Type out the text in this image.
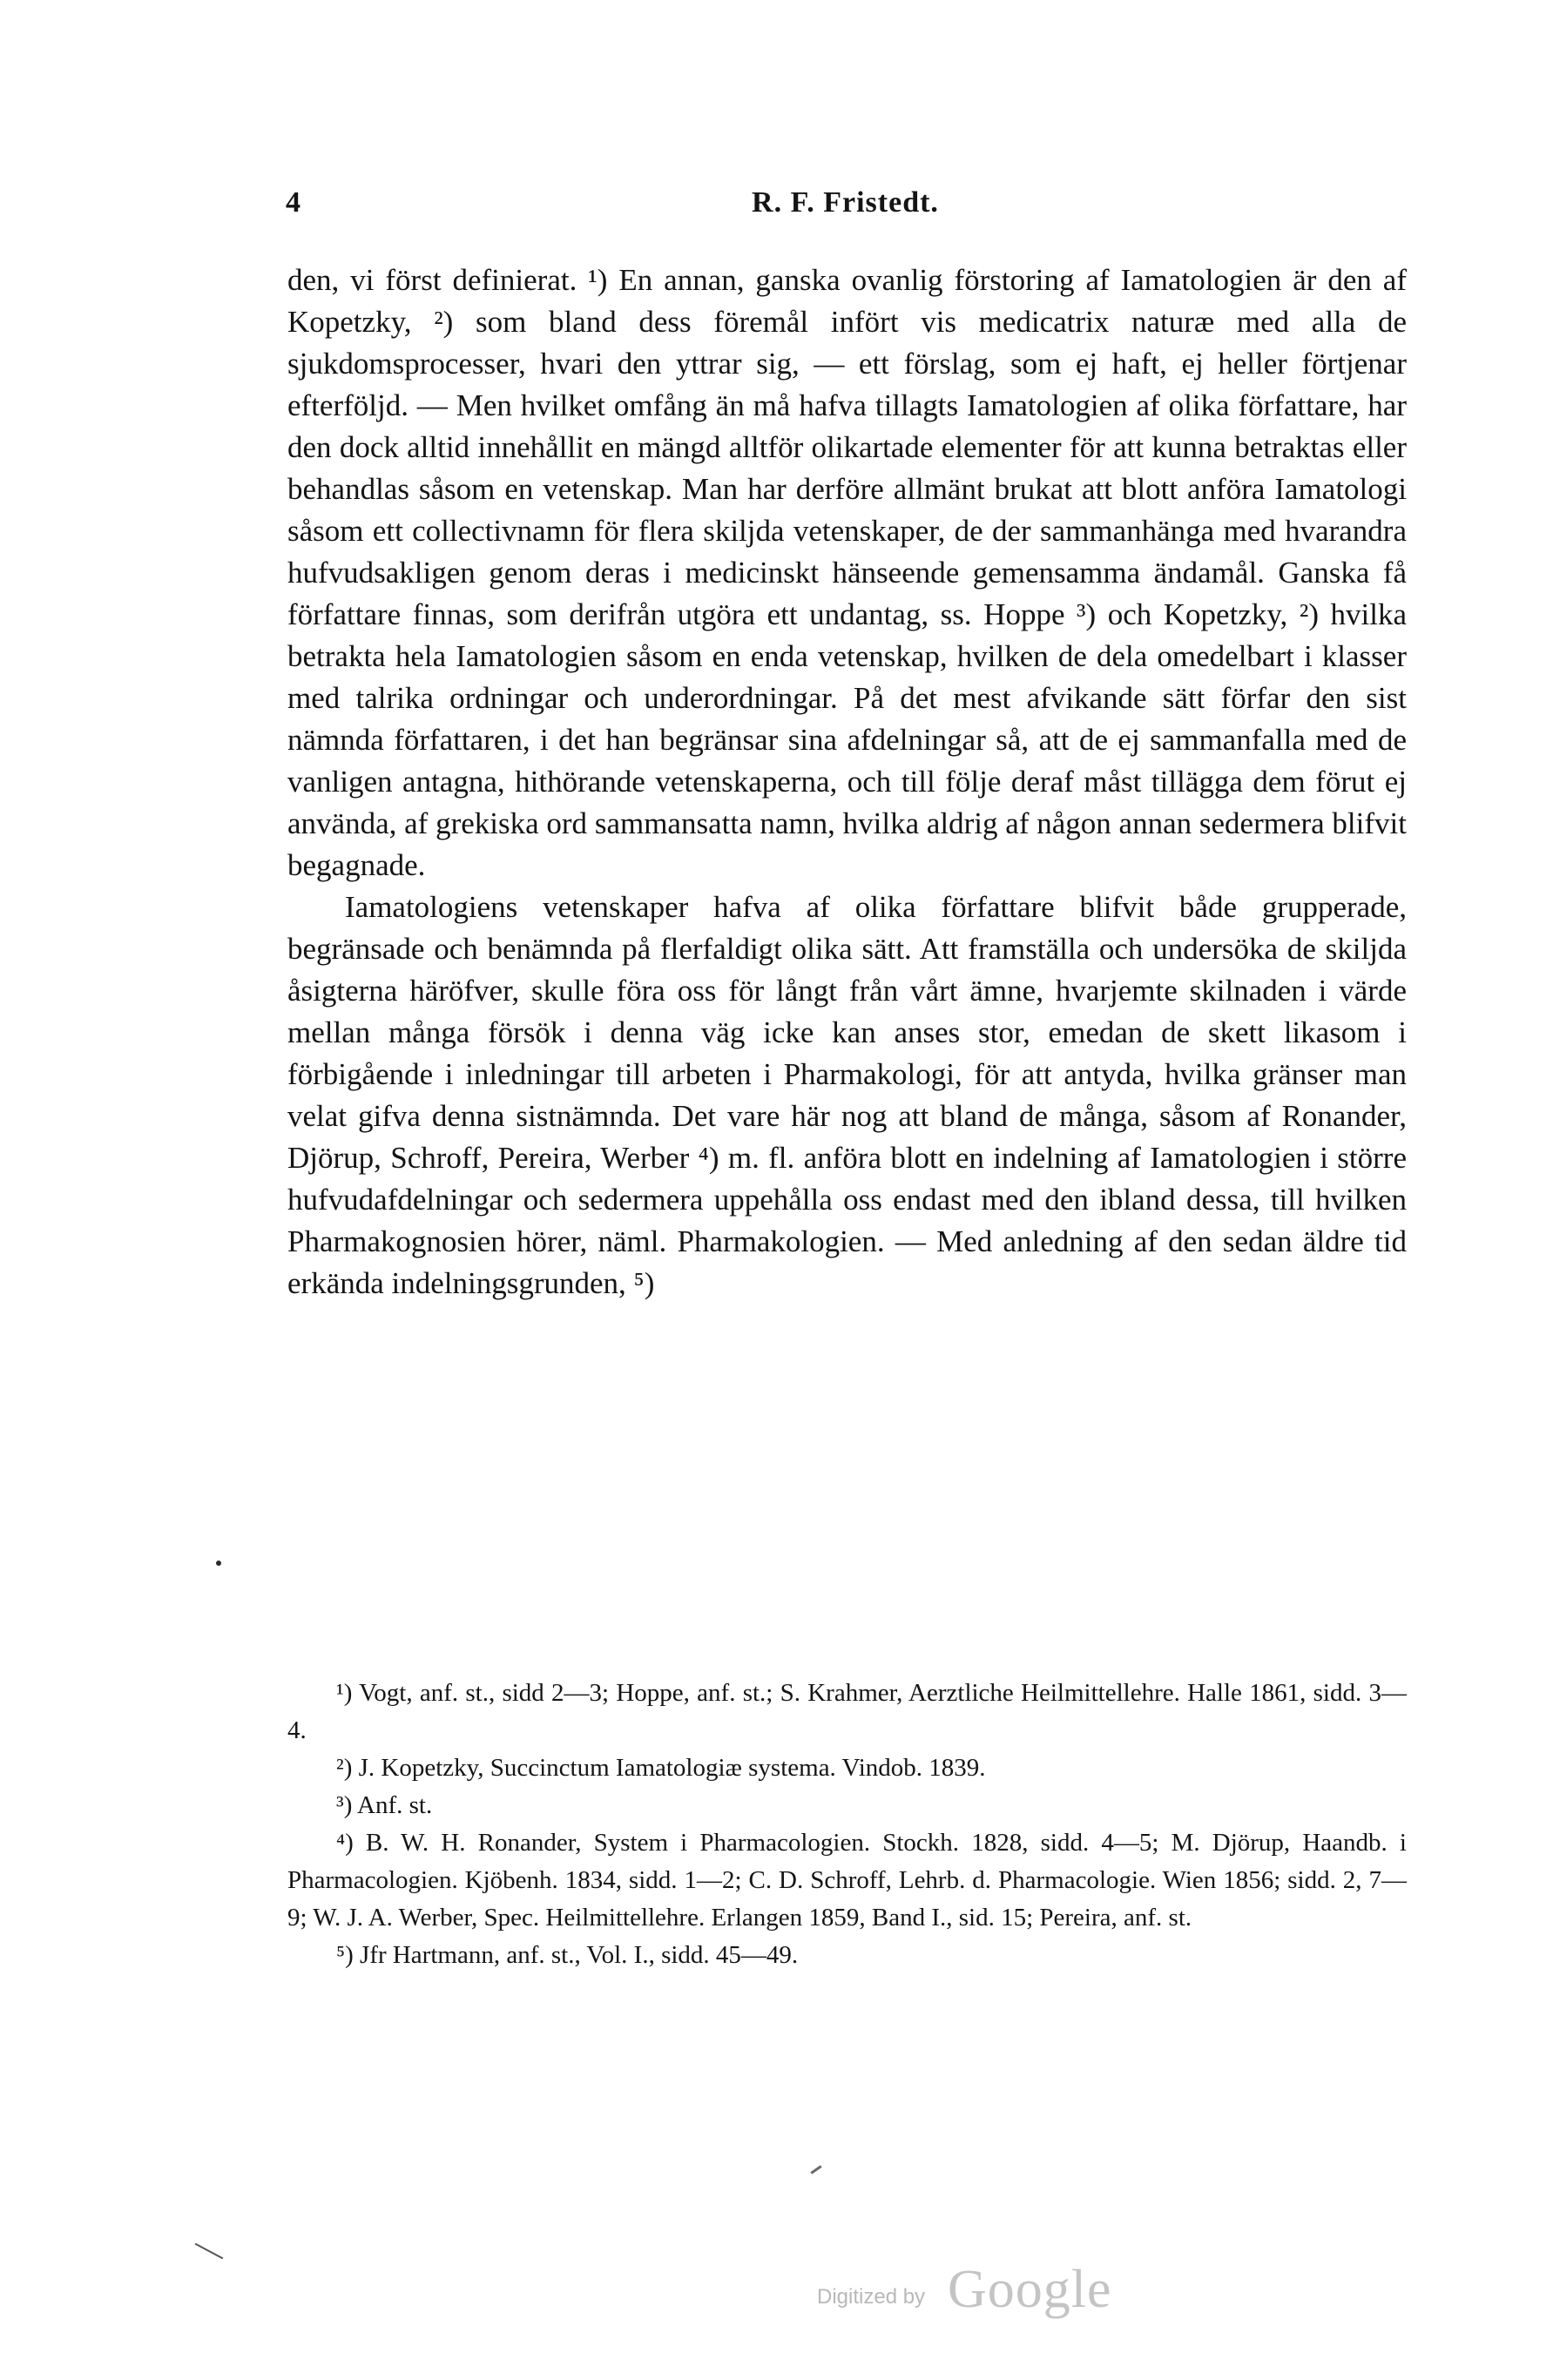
4	R. F. Fristedt.

den, vi först definierat. ¹) En annan, ganska ovanlig förstoring af Iamatologien är den af Kopetzky, ²) som bland dess föremål infört vis medicatrix naturæ med alla de sjukdomsprocesser, hvari den yttrar sig, — ett förslag, som ej haft, ej heller förtjenar efterföljd. — Men hvilket omfång än må hafva tillagts Iamatologien af olika författare, har den dock alltid innehållit en mängd alltför olikartade elementer för att kunna betraktas eller behandlas såsom en vetenskap. Man har derföre allmänt brukat att blott anföra Iamatologi såsom ett collectivnamn för flera skiljda vetenskaper, de der sammanhänga med hvarandra hufvudsakligen genom deras i medicinskt hänseende gemensamma ändamål. Ganska få författare finnas, som derifrån utgöra ett undantag, ss. Hoppe ³) och Kopetzky, ²) hvilka betrakta hela Iamatologien såsom en enda vetenskap, hvilken de dela omedelbart i klasser med talrika ordningar och underordningar. På det mest afvikande sätt förfar den sist nämnda författaren, i det han begränsar sina afdelningar så, att de ej sammanfalla med de vanligen antagna, hithörande vetenskaperna, och till följe deraf måst tillägga dem förut ej använda, af grekiska ord sammansatta namn, hvilka aldrig af någon annan sedermera blifvit begagnade.

Iamatologiens vetenskaper hafva af olika författare blifvit både grupperade, begränsade och benämnda på flerfaldigt olika sätt. Att framställa och undersöka de skiljda åsigterna häröfver, skulle föra oss för långt från vårt ämne, hvarjemte skilnaden i värde mellan många försök i denna väg icke kan anses stor, emedan de skett likasom i förbigående i inledningar till arbeten i Pharmakologi, för att antyda, hvilka gränser man velat gifva denna sistnämnda. Det vare här nog att bland de många, såsom af Ronander, Djörup, Schroff, Pereira, Werber ⁴) m. fl. anföra blott en indelning af Iamatologien i större hufvudafdelningar och sedermera uppehålla oss endast med den ibland dessa, till hvilken Pharmakognosien hörer, näml. Pharmakologien. — Med anledning af den sedan äldre tid erkända indelningsgrunden, ⁵)

¹) Vogt, anf. st., sidd 2—3; Hoppe, anf. st.; S. Krahmer, Aerztliche Heilmittellehre. Halle 1861, sidd. 3—4.

²) J. Kopetzky, Succinctum Iamatologiæ systema. Vindob. 1839.

³) Anf. st.

⁴) B. W. H. Ronander, System i Pharmacologien. Stockh. 1828, sidd. 4—5; M. Djörup, Haandb. i Pharmacologien. Kjöbenh. 1834, sidd. 1—2; C. D. Schroff, Lehrb. d. Pharmacologie. Wien 1856; sidd. 2, 7—9; W. J. A. Werber, Spec. Heilmittellehre. Erlangen 1859, Band I., sid. 15; Pereira, anf. st.

⁵) Jfr Hartmann, anf. st., Vol. I., sidd. 45—49.

Digitized by Google
